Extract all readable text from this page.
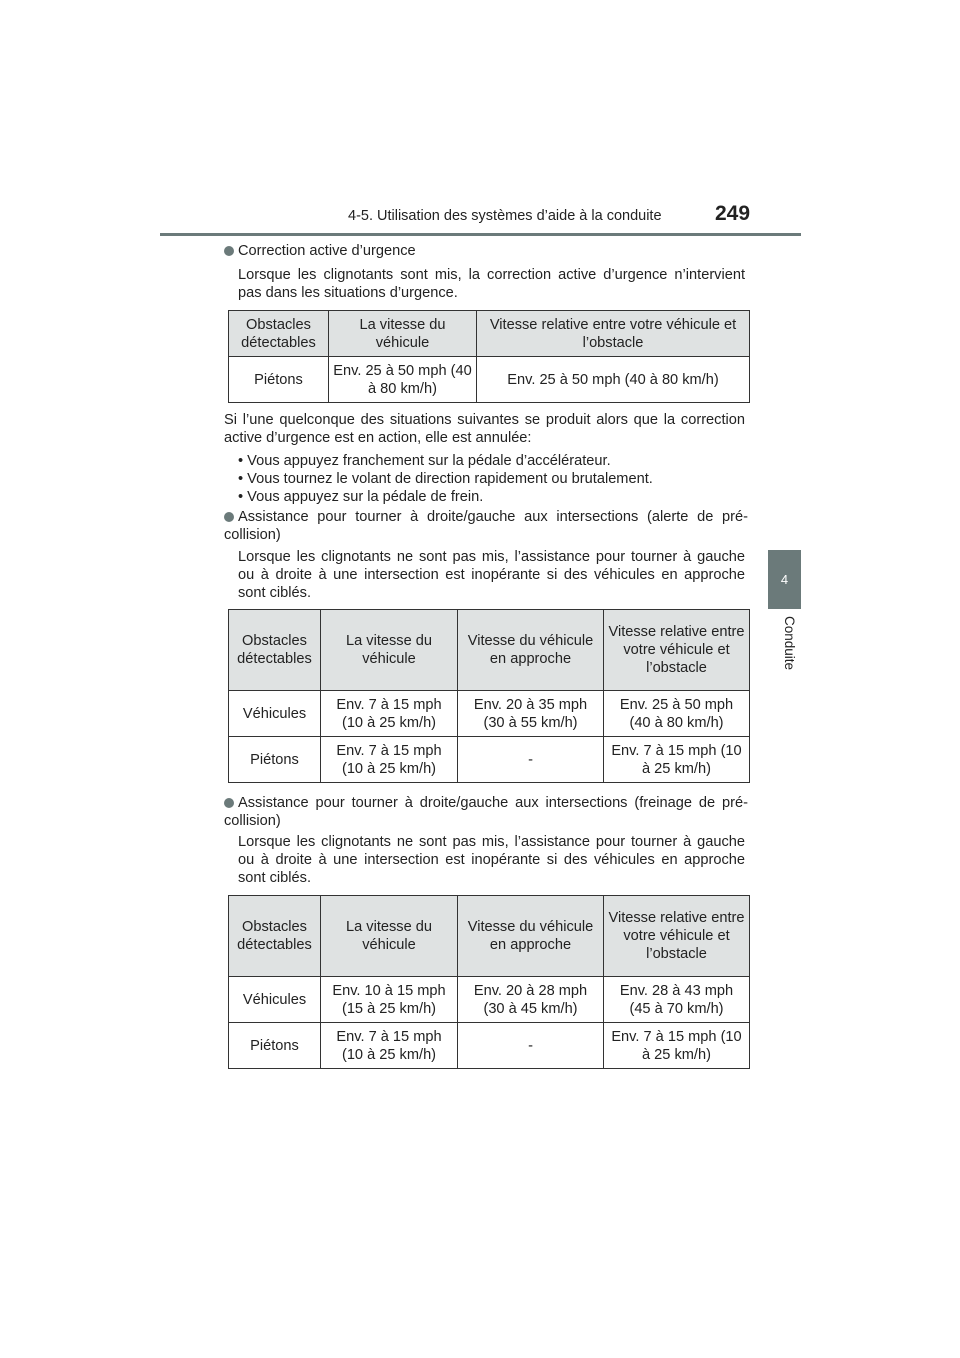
4-5. Utilisation des systèmes d’aide à la conduite	249
4
Conduite
Correction active d’urgence
Lorsque les clignotants sont mis, la correction active d’urgence n’intervient pas dans les situations d’urgence.
Obstacles détectables	La vitesse du véhicule	Vitesse relative entre votre véhicule et l’obstacle
Piétons	Env. 25 à 50 mph (40 à 80 km/h)	Env. 25 à 50 mph (40 à 80 km/h)
Si l’une quelconque des situations suivantes se produit alors que la correction active d’urgence est en action, elle est annulée:
• Vous appuyez franchement sur la pédale d’accélérateur.
• Vous tournez le volant de direction rapidement ou brutalement.
• Vous appuyez sur la pédale de frein.
Assistance pour tourner à droite/gauche aux intersections (alerte de pré-collision)
Lorsque les clignotants ne sont pas mis, l’assistance pour tourner à gauche ou à droite à une intersection est inopérante si des véhicules en approche sont ciblés.
Obstacles détectables	La vitesse du véhicule	Vitesse du véhicule en approche	Vitesse relative entre votre véhicule et l’obstacle
Véhicules	Env. 7 à 15 mph (10 à 25 km/h)	Env. 20 à 35 mph (30 à 55 km/h)	Env. 25 à 50 mph (40 à 80 km/h)
Piétons	Env. 7 à 15 mph (10 à 25 km/h)	-	Env. 7 à 15 mph (10 à 25 km/h)
Assistance pour tourner à droite/gauche aux intersections (freinage de pré-collision)
Lorsque les clignotants ne sont pas mis, l’assistance pour tourner à gauche ou à droite à une intersection est inopérante si des véhicules en approche sont ciblés.
Obstacles détectables	La vitesse du véhicule	Vitesse du véhicule en approche	Vitesse relative entre votre véhicule et l’obstacle
Véhicules	Env. 10 à 15 mph (15 à 25 km/h)	Env. 20 à 28 mph (30 à 45 km/h)	Env. 28 à 43 mph (45 à 70 km/h)
Piétons	Env. 7 à 15 mph (10 à 25 km/h)	-	Env. 7 à 15 mph (10 à 25 km/h)
